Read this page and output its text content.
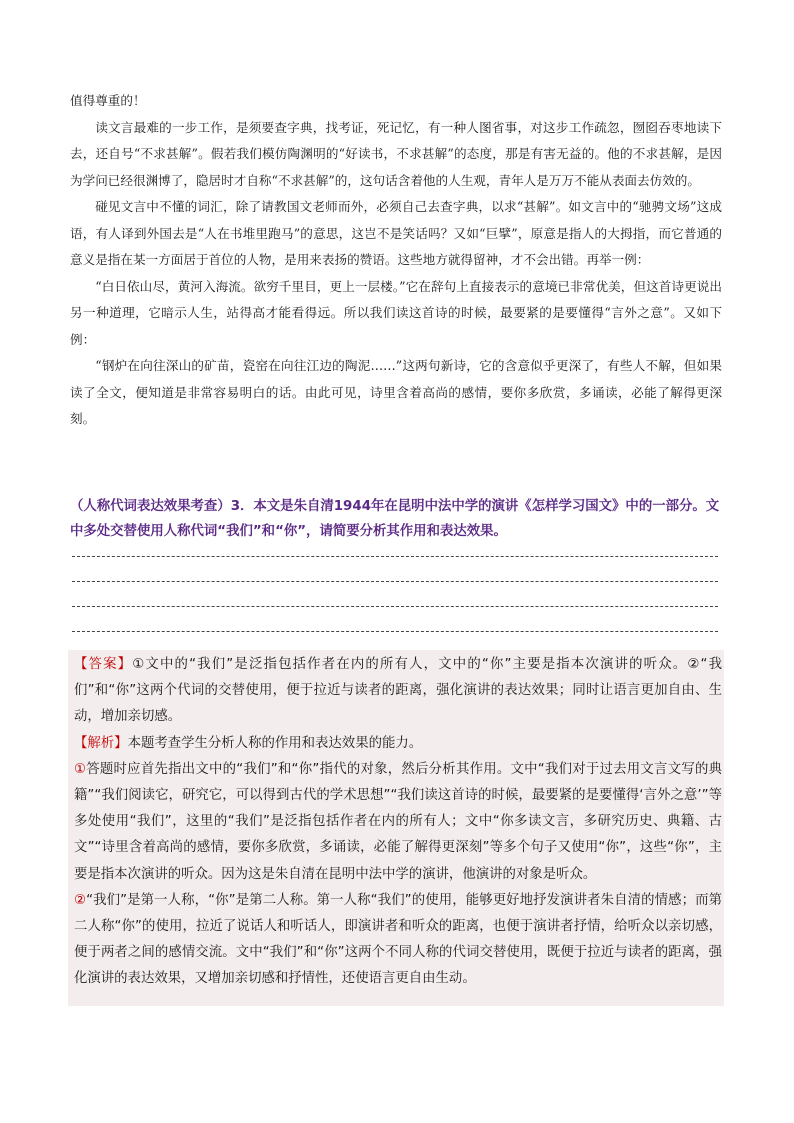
值得尊重的！

读文言最难的一步工作，是须要查字典，找考证，死记忆，有一种人图省事，对这步工作疏忽，囫囵吞枣地读下去，还自号“不求甚解”。假若我们模仿陶渊明的“好读书，不求甚解”的态度，那是有害无益的。他的不求甚解，是因为学问已经很渊博了，隐居时才自称“不求甚解”的，这句话含着他的人生观，青年人是万万不能从表面去仿效的。

碰见文言中不懂的词汇，除了请教国文老师而外，必须自己去查字典，以求“甚解”。如文言中的“驰骋文场”这成语，有人译到外国去是“人在书堆里跑马”的意思，这岂不是笑话吗？又如“巨擘”，原意是指人的大拇指，而它普通的意义是指在某一方面居于首位的人物，是用来表扬的赞语。这些地方就得留神，才不会出错。再举一例：

“白日依山尽，黄河入海流。欲穷千里目，更上一层楼。”它在辞句上直接表示的意境已非常优美，但这首诗更说出另一种道理，它暗示人生，站得高才能看得远。所以我们读这首诗的时候，最要紧的是要懂得“言外之意”。又如下例：

“钢炉在向往深山的矿苗，瓷窑在向往江边的陶泥……”这两句新诗，它的含意似乎更深了，有些人不解，但如果读了全文，便知道是非常容易明白的话。由此可见，诗里含着高尚的感情，要你多欣赏，多诵读，必能了解得更深刻。

（人称代词表达效果考查）3．本文是朱自清1944年在昆明中法中学的演讲《怎样学习国文》中的一部分。文中多处交替使用人称代词“我们”和“你”，请简要分析其作用和表达效果。

【答案】①文中的“我们”是泛指包括作者在内的所有人，文中的“你”主要是指本次演讲的听众。②“我们”和“你”这两个代词的交替使用，便于拉近与读者的距离，强化演讲的表达效果；同时让语言更加自由、生动，增加亲切感。

【解析】本题考查学生分析人称的作用和表达效果的能力。

①答题时应首先指出文中的“我们”和“你”指代的对象，然后分析其作用。文中“我们对于过去用文言文写的典籍”“我们阅读它，研究它，可以得到古代的学术思想”“我们读这首诗的时候，最要紧的是要懂得‘言外之意’”等多处使用“我们”，这里的“我们”是泛指包括作者在内的所有人；文中“你多读文言，多研究历史、典籍、古文”“诗里含着高尚的感情，要你多欣赏，多诵读，必能了解得更深刻”等多个句子又使用“你”，这些“你”，主要是指本次演讲的听众。因为这是朱自清在昆明中法中学的演讲，他演讲的对象是听众。

②“我们”是第一人称，“你”是第二人称。第一人称“我们”的使用，能够更好地抒发演讲者朱自清的情感；而第二人称“你”的使用，拉近了说话人和听话人，即演讲者和听众的距离，也便于演讲者抒情，给听众以亲切感，便于两者之间的感情交流。文中“我们”和“你”这两个不同人称的代词交替使用，既便于拉近与读者的距离，强化演讲的表达效果，又增加亲切感和抒情性，还使语言更自由生动。
